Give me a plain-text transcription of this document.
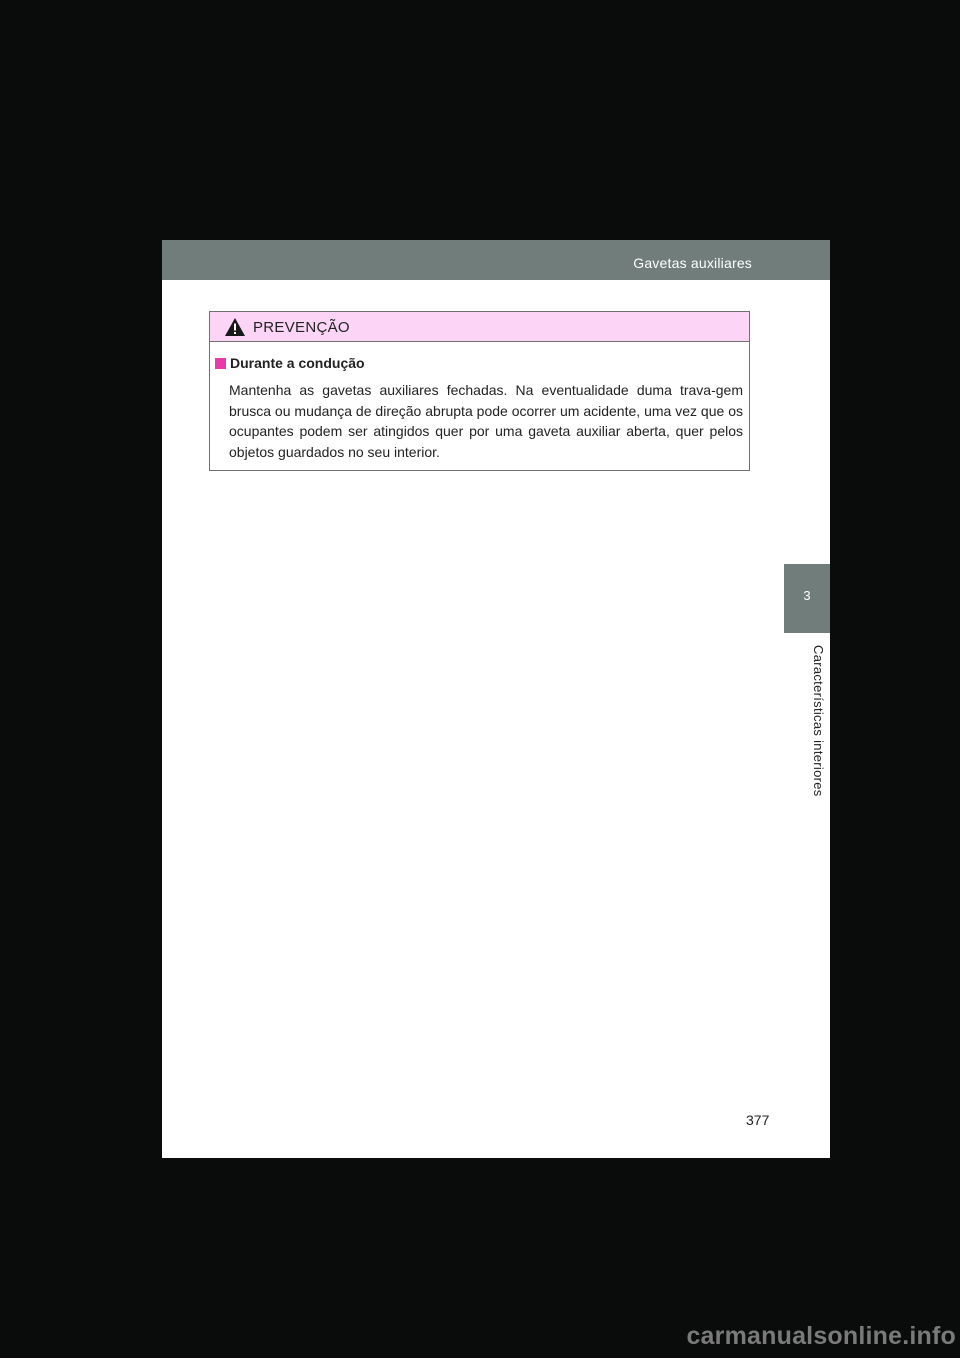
Gavetas auxiliares
PREVENÇÃO
Durante a condução
Mantenha as gavetas auxiliares fechadas. Na eventualidade duma trava-gem brusca ou mudança de direção abrupta pode ocorrer um acidente, uma vez que os ocupantes podem ser atingidos quer por uma gaveta auxiliar aberta, quer pelos objetos guardados no seu interior.
3
Características interiores
377
carmanualsonline.info
